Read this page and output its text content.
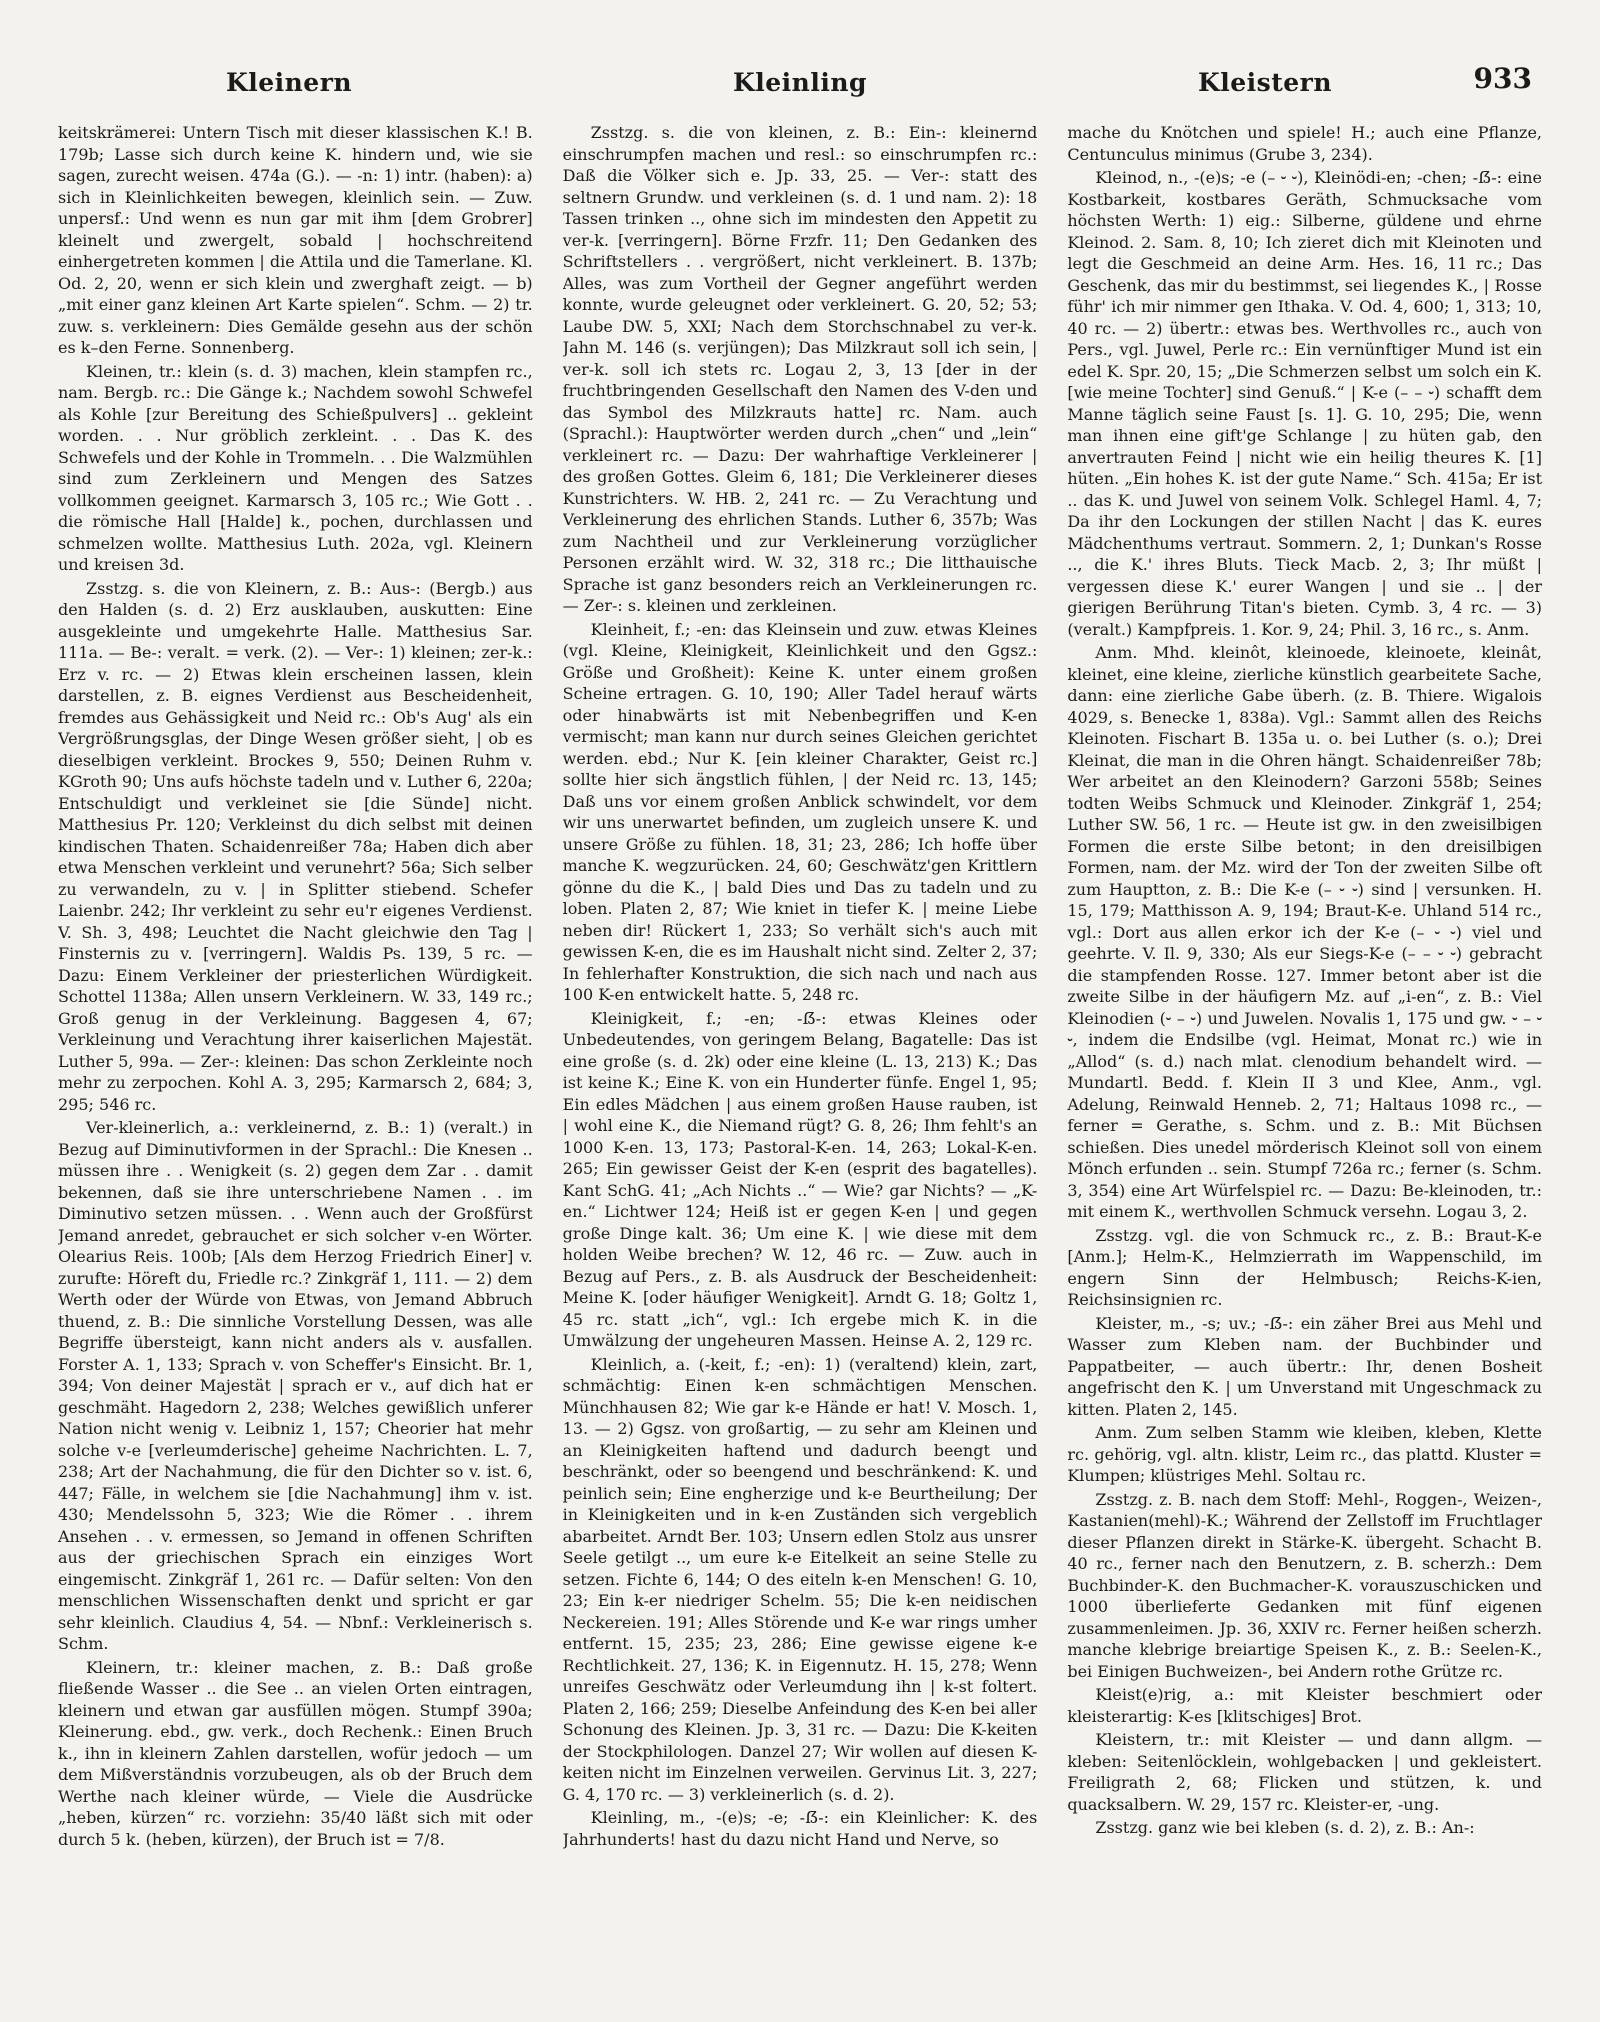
Kleinern	Kleinling	Kleistern	933

keitskrämerei: Untern Tisch mit dieser klassischen K.! B. 179b; Lasse sich durch keine K. hindern und, wie sie sagen, zurecht weisen. 474a (G.). — -n: 1) intr. (haben): a) sich in Kleinlichkeiten bewegen, kleinlich sein. — Zuw. unpersf.: Und wenn es nun gar mit ihm [dem Grobrer] kleinelt und zwergelt, sobald | hochschreitend einhergetreten kommen | die Attila und die Tamerlane. Kl. Od. 2, 20, wenn er sich klein und zwerghaft zeigt. — b) „mit einer ganz kleinen Art Karte spielen“. Schm. — 2) tr. zuw. s. verkleinern: Dies Gemälde gesehn aus der schön es k–den Ferne. Sonnenberg.

Kleinen, tr.: klein (s. d. 3) machen, klein stampfen rc., nam. Bergb. rc.: Die Gänge k.; Nachdem sowohl Schwefel als Kohle [zur Bereitung des Schießpulvers] .. gekleint worden. . . Nur gröblich zerkleint. . . Das K. des Schwefels und der Kohle in Trommeln. . . Die Walzmühlen sind zum Zerkleinern und Mengen des Satzes vollkommen geeignet. Karmarsch 3, 105 rc.; Wie Gott . . die römische Hall [Halde] k., pochen, durchlassen und schmelzen wollte. Matthesius Luth. 202a, vgl. Kleinern und kreisen 3d.

Zsstzg. s. die von Kleinern, z. B.: Aus-: (Bergb.) aus den Halden (s. d. 2) Erz ausklauben, auskutten: Eine ausgekleinte und umgekehrte Halle. Matthesius Sar. 111a. — Be-: veralt. = verk. (2). — Ver-: 1) kleinen; zer-k.: Erz v. rc. — 2) Etwas klein erscheinen lassen, klein darstellen, z. B. eignes Verdienst aus Bescheidenheit, fremdes aus Gehässigkeit und Neid rc.: Ob's Aug' als ein Vergrößrungsglas, der Dinge Wesen größer sieht, | ob es dieselbigen verkleint. Brockes 9, 550; Deinen Ruhm v. KGroth 90; Uns aufs höchste tadeln und v. Luther 6, 220a; Entschuldigt und verkleinet sie [die Sünde] nicht. Matthesius Pr. 120; Verkleinst du dich selbst mit deinen kindischen Thaten. Schaidenreißer 78a; Haben dich aber etwa Menschen verkleint und verunehrt? 56a; Sich selber zu verwandeln, zu v. | in Splitter stiebend. Schefer Laienbr. 242; Ihr verkleint zu sehr eu'r eigenes Verdienst. V. Sh. 3, 498; Leuchtet die Nacht gleichwie den Tag | Finsternis zu v. [verringern]. Waldis Ps. 139, 5 rc. — Dazu: Einem Verkleiner der priesterlichen Würdigkeit. Schottel 1138a; Allen unsern Verkleinern. W. 33, 149 rc.; Groß genug in der Verkleinung. Baggesen 4, 67; Verkleinung und Verachtung ihrer kaiserlichen Majestät. Luther 5, 99a. — Zer-: kleinen: Das schon Zerkleinte noch mehr zu zerpochen. Kohl A. 3, 295; Karmarsch 2, 684; 3, 295; 546 rc.

Ver-kleinerlich, a.: verkleinernd, z. B.: 1) (veralt.) in Bezug auf Diminutivformen in der Sprachl.: Die Knesen .. müssen ihre . . Wenigkeit (s. 2) gegen dem Zar . . damit bekennen, daß sie ihre unterschriebene Namen . . im Diminutivo setzen müssen. . . Wenn auch der Großfürst Jemand anredet, gebrauchet er sich solcher v-en Wörter. Olearius Reis. 100b; [Als dem Herzog Friedrich Einer] v. zurufte: Höreft du, Friedle rc.? Zinkgräf 1, 111. — 2) dem Werth oder der Würde von Etwas, von Jemand Abbruch thuend, z. B.: Die sinnliche Vorstellung Dessen, was alle Begriffe übersteigt, kann nicht anders als v. ausfallen. Forster A. 1, 133; Sprach v. von Scheffer's Einsicht. Br. 1, 394; Von deiner Majestät | sprach er v., auf dich hat er geschmäht. Hagedorn 2, 238; Welches gewißlich unferer Nation nicht wenig v. Leibniz 1, 157; Cheorier hat mehr solche v-e [verleumderische] geheime Nachrichten. L. 7, 238; Art der Nachahmung, die für den Dichter so v. ist. 6, 447; Fälle, in welchem sie [die Nachahmung] ihm v. ist. 430; Mendelssohn 5, 323; Wie die Römer . . ihrem Ansehen . . v. ermessen, so Jemand in offenen Schriften aus der griechischen Sprach ein einziges Wort eingemischt. Zinkgräf 1, 261 rc. — Dafür selten: Von den menschlichen Wissenschaften denkt und spricht er gar sehr kleinlich. Claudius 4, 54. — Nbnf.: Verkleinerisch s. Schm.

Kleinern, tr.: kleiner machen, z. B.: Daß große fließende Wasser .. die See .. an vielen Orten eintragen, kleinern und etwan gar ausfüllen mögen. Stumpf 390a; Kleinerung. ebd., gw. verk., doch Rechenk.: Einen Bruch k., ihn in kleinern Zahlen darstellen, wofür jedoch — um dem Mißverständnis vorzubeugen, als ob der Bruch dem Werthe nach kleiner würde, — Viele die Ausdrücke „heben, kürzen“ rc. vorziehn: 35/40 läßt sich mit oder durch 5 k. (heben, kürzen), der Bruch ist = 7/8.

Zsstzg. s. die von kleinen, z. B.: Ein-: kleinernd einschrumpfen machen und resl.: so einschrumpfen rc.: Daß die Völker sich e. Jp. 33, 25. — Ver-: statt des seltnern Grundw. und verkleinen (s. d. 1 und nam. 2): 18 Tassen trinken .., ohne sich im mindesten den Appetit zu ver-k. [verringern]. Börne Frzfr. 11; Den Gedanken des Schriftstellers . . vergrößert, nicht verkleinert. B. 137b; Alles, was zum Vortheil der Gegner angeführt werden konnte, wurde geleugnet oder verkleinert. G. 20, 52; 53; Laube DW. 5, XXI; Nach dem Storchschnabel zu ver-k. Jahn M. 146 (s. verjüngen); Das Milzkraut soll ich sein, | ver-k. soll ich stets rc. Logau 2, 3, 13 [der in der fruchtbringenden Gesellschaft den Namen des V-den und das Symbol des Milzkrauts hatte] rc. Nam. auch (Sprachl.): Hauptwörter werden durch „chen“ und „lein“ verkleinert rc. — Dazu: Der wahrhaftige Verkleinerer | des großen Gottes. Gleim 6, 181; Die Verkleinerer dieses Kunstrichters. W. HB. 2, 241 rc. — Zu Verachtung und Verkleinerung des ehrlichen Stands. Luther 6, 357b; Was zum Nachtheil und zur Verkleinerung vorzüglicher Personen erzählt wird. W. 32, 318 rc.; Die litthauische Sprache ist ganz besonders reich an Verkleinerungen rc. — Zer-: s. kleinen und zerkleinen.

Kleinheit, f.; -en: das Kleinsein und zuw. etwas Kleines (vgl. Kleine, Kleinigkeit, Kleinlichkeit und den Ggsz.: Größe und Großheit): Keine K. unter einem großen Scheine ertragen. G. 10, 190; Aller Tadel herauf wärts oder hinabwärts ist mit Nebenbegriffen und K-en vermischt; man kann nur durch seines Gleichen gerichtet werden. ebd.; Nur K. [ein kleiner Charakter, Geist rc.] sollte hier sich ängstlich fühlen, | der Neid rc. 13, 145; Daß uns vor einem großen Anblick schwindelt, vor dem wir uns unerwartet befinden, um zugleich unsere K. und unsere Größe zu fühlen. 18, 31; 23, 286; Ich hoffe über manche K. wegzurücken. 24, 60; Geschwätz'gen Krittlern gönne du die K., | bald Dies und Das zu tadeln und zu loben. Platen 2, 87; Wie kniet in tiefer K. | meine Liebe neben dir! Rückert 1, 233; So verhält sich's auch mit gewissen K-en, die es im Haushalt nicht sind. Zelter 2, 37; In fehlerhafter Konstruktion, die sich nach und nach aus 100 K-en entwickelt hatte. 5, 248 rc.

Kleinigkeit, f.; -en; -ẞ-: etwas Kleines oder Unbedeutendes, von geringem Belang, Bagatelle: Das ist eine große (s. d. 2k) oder eine kleine (L. 13, 213) K.; Das ist keine K.; Eine K. von ein Hunderter fünfe. Engel 1, 95; Ein edles Mädchen | aus einem großen Hause rauben, ist | wohl eine K., die Niemand rügt? G. 8, 26; Ihm fehlt's an 1000 K-en. 13, 173; Pastoral-K-en. 14, 263; Lokal-K-en. 265; Ein gewisser Geist der K-en (esprit des bagatelles). Kant SchG. 41; „Ach Nichts ..“ — Wie? gar Nichts? — „K-en.“ Lichtwer 124; Heiß ist er gegen K-en | und gegen große Dinge kalt. 36; Um eine K. | wie diese mit dem holden Weibe brechen? W. 12, 46 rc. — Zuw. auch in Bezug auf Pers., z. B. als Ausdruck der Bescheidenheit: Meine K. [oder häufiger Wenigkeit]. Arndt G. 18; Goltz 1, 45 rc. statt „ich“, vgl.: Ich ergebe mich K. in die Umwälzung der ungeheuren Massen. Heinse A. 2, 129 rc.

Kleinlich, a. (-keit, f.; -en): 1) (veraltend) klein, zart, schmächtig: Einen k-en schmächtigen Menschen. Münchhausen 82; Wie gar k-e Hände er hat! V. Mosch. 1, 13. — 2) Ggsz. von großartig, — zu sehr am Kleinen und an Kleinigkeiten haftend und dadurch beengt und beschränkt, oder so beengend und beschränkend: K. und peinlich sein; Eine engherzige und k-e Beurtheilung; Der in Kleinigkeiten und in k-en Zuständen sich vergeblich abarbeitet. Arndt Ber. 103; Unsern edlen Stolz aus unsrer Seele getilgt .., um eure k-e Eitelkeit an seine Stelle zu setzen. Fichte 6, 144; O des eiteln k-en Menschen! G. 10, 23; Ein k-er niedriger Schelm. 55; Die k-en neidischen Neckereien. 191; Alles Störende und K-e war rings umher entfernt. 15, 235; 23, 286; Eine gewisse eigene k-e Rechtlichkeit. 27, 136; K. in Eigennutz. H. 15, 278; Wenn unreifes Geschwätz oder Verleumdung ihn | k-st foltert. Platen 2, 166; 259; Dieselbe Anfeindung des K-en bei aller Schonung des Kleinen. Jp. 3, 31 rc. — Dazu: Die K-keiten der Stockphilologen. Danzel 27; Wir wollen auf diesen K-keiten nicht im Einzelnen verweilen. Gervinus Lit. 3, 227; G. 4, 170 rc. — 3) verkleinerlich (s. d. 2).

Kleinling, m., -(e)s; -e; -ẞ-: ein Kleinlicher: K. des Jahrhunderts! hast du dazu nicht Hand und Nerve, so

mache du Knötchen und spiele! H.; auch eine Pflanze, Centunculus minimus (Grube 3, 234).

Kleinod, n., -(e)s; -e (– ⏑ ⏑), Kleinödi-en; -chen; -ẞ-: eine Kostbarkeit, kostbares Geräth, Schmucksache vom höchsten Werth: 1) eig.: Silberne, güldene und ehrne Kleinod. 2. Sam. 8, 10; Ich zieret dich mit Kleinoten und legt die Geschmeid an deine Arm. Hes. 16, 11 rc.; Das Geschenk, das mir du bestimmst, sei liegendes K., | Rosse führ' ich mir nimmer gen Ithaka. V. Od. 4, 600; 1, 313; 10, 40 rc. — 2) übertr.: etwas bes. Werthvolles rc., auch von Pers., vgl. Juwel, Perle rc.: Ein vernünftiger Mund ist ein edel K. Spr. 20, 15; „Die Schmerzen selbst um solch ein K. [wie meine Tochter] sind Genuß.“ | K-e (– – ⏑) schafft dem Manne täglich seine Faust [s. 1]. G. 10, 295; Die, wenn man ihnen eine gift'ge Schlange | zu hüten gab, den anvertrauten Feind | nicht wie ein heilig theures K. [1] hüten. „Ein hohes K. ist der gute Name.“ Sch. 415a; Er ist .. das K. und Juwel von seinem Volk. Schlegel Haml. 4, 7; Da ihr den Lockungen der stillen Nacht | das K. eures Mädchenthums vertraut. Sommern. 2, 1; Dunkan's Rosse .., die K.' ihres Bluts. Tieck Macb. 2, 3; Ihr müßt | vergessen diese K.' eurer Wangen | und sie .. | der gierigen Berührung Titan's bieten. Cymb. 3, 4 rc. — 3) (veralt.) Kampfpreis. 1. Kor. 9, 24; Phil. 3, 16 rc., s. Anm.

Anm. Mhd. kleinôt, kleinoede, kleinoete, kleinât, kleinet, eine kleine, zierliche künstlich gearbeitete Sache, dann: eine zierliche Gabe überh. (z. B. Thiere. Wigalois 4029, s. Benecke 1, 838a). Vgl.: Sammt allen des Reichs Kleinoten. Fischart B. 135a u. o. bei Luther (s. o.); Drei Kleinat, die man in die Ohren hängt. Schaidenreißer 78b; Wer arbeitet an den Kleinodern? Garzoni 558b; Seines todten Weibs Schmuck und Kleinoder. Zinkgräf 1, 254; Luther SW. 56, 1 rc. — Heute ist gw. in den zweisilbigen Formen die erste Silbe betont; in den dreisilbigen Formen, nam. der Mz. wird der Ton der zweiten Silbe oft zum Hauptton, z. B.: Die K-e (– ⏑ ⏑) sind | versunken. H. 15, 179; Matthisson A. 9, 194; Braut-K-e. Uhland 514 rc., vgl.: Dort aus allen erkor ich der K-e (– ⏑ ⏑) viel und geehrte. V. Il. 9, 330; Als eur Siegs-K-e (– – ⏑ ⏑) gebracht die stampfenden Rosse. 127. Immer betont aber ist die zweite Silbe in der häufigern Mz. auf „i-en“, z. B.: Viel Kleinodien (⏑ – ⏑) und Juwelen. Novalis 1, 175 und gw. ⏑ – ⏑ ⏑, indem die Endsilbe (vgl. Heimat, Monat rc.) wie in „Allod“ (s. d.) nach mlat. clenodium behandelt wird. — Mundartl. Bedd. f. Klein II 3 und Klee, Anm., vgl. Adelung, Reinwald Henneb. 2, 71; Haltaus 1098 rc., — ferner = Gerathe, s. Schm. und z. B.: Mit Büchsen schießen. Dies unedel mörderisch Kleinot soll von einem Mönch erfunden .. sein. Stumpf 726a rc.; ferner (s. Schm. 3, 354) eine Art Würfelspiel rc. — Dazu: Be-kleinoden, tr.: mit einem K., werthvollen Schmuck versehn. Logau 3, 2.

Zsstzg. vgl. die von Schmuck rc., z. B.: Braut-K-e [Anm.]; Helm-K., Helmzierrath im Wappenschild, im engern Sinn der Helmbusch; Reichs-K-ien, Reichsinsignien rc.

Kleister, m., -s; uv.; -ẞ-: ein zäher Brei aus Mehl und Wasser zum Kleben nam. der Buchbinder und Pappatbeiter, — auch übertr.: Ihr, denen Bosheit angefrischt den K. | um Unverstand mit Ungeschmack zu kitten. Platen 2, 145.

Anm. Zum selben Stamm wie kleiben, kleben, Klette rc. gehörig, vgl. altn. klistr, Leim rc., das plattd. Kluster = Klumpen; klüstriges Mehl. Soltau rc.

Zsstzg. z. B. nach dem Stoff: Mehl-, Roggen-, Weizen-, Kastanien(mehl)-K.; Während der Zellstoff im Fruchtlager dieser Pflanzen direkt in Stärke-K. übergeht. Schacht B. 40 rc., ferner nach den Benutzern, z. B. scherzh.: Dem Buchbinder-K. den Buchmacher-K. vorauszuschicken und 1000 überlieferte Gedanken mit fünf eigenen zusammenleimen. Jp. 36, XXIV rc. Ferner heißen scherzh. manche klebrige breiartige Speisen K., z. B.: Seelen-K., bei Einigen Buchweizen-, bei Andern rothe Grütze rc.

Kleist(e)rig, a.: mit Kleister beschmiert oder kleisterartig: K-es [klitschiges] Brot.

Kleistern, tr.: mit Kleister — und dann allgm. — kleben: Seitenlöcklein, wohlgebacken | und gekleistert. Freiligrath 2, 68; Flicken und stützen, k. und quacksalbern. W. 29, 157 rc. Kleister-er, -ung.

Zsstzg. ganz wie bei kleben (s. d. 2), z. B.: An-:
